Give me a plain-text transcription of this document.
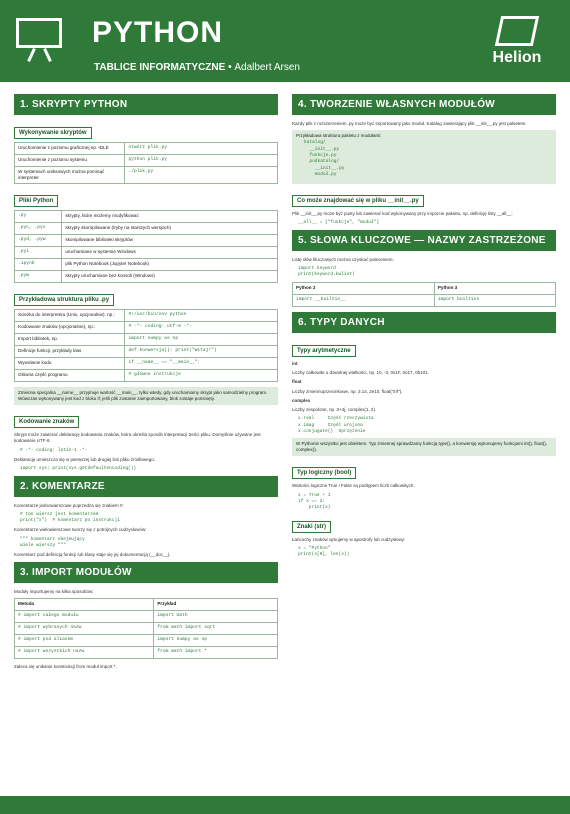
PYTHON
TABLICE INFORMATYCZNE • Adalbert Arsen
Helion
1. SKRYPTY PYTHON
Wykonywanie skryptów
Uruchomienie z poziomu graficznej np. IDLE	otwórz plik.py
Uruchomienie z poziomu systemu	python plik.py
W systemach uniksowych można pominąć interpreter	./plik.py
Pliki Python
.py	skrypty, które możemy modyfikować
.pyc, .pyo	skrypty skompilowane (tryby na starszych wersjach)
.pyd, .pyw	skompilowane biblioteki skryptów
.pyi	uruchamiane w systemie Windows
.ipynb	plik Python Notebook (Jupyter Notebook)
.pyw	skrypty uruchamiane bez konsoli (Windows)
Przykładowa struktura pliku .py
Ścieżka do interpretera (Unix, opcjonalnie), np.:	#!/usr/bin/env python
Kodowanie znaków (opcjonalnie), np.:	# -*- coding: utf-8 -*-
Import bibliotek, np.	import numpy as np
Definicje funkcji, przykłady klas	def konwersja(): print("Witaj!")
Wywołanie kodu	if __name__ == "__main__":
Główna część programu	# główne instrukcje
Zmienna specjalna __name__ przyjmuje wartość __main__, tylko wtedy, gdy uruchamiamy skrypt jako samodzielny program. Wówczas wykonywany jest kod z bloku if; jeśli plik zostanie zaimportowany, blok zostaje pominięty.
Kodowanie znaków
Skrypt może zawierać deklarację kodowania znaków, która określa sposób interpretacji treści pliku. Domyślnie używane jest kodowanie UTF-8.
# -*- coding: latin-1 -*-
Deklarację umieszcza się w pierwszej lub drugiej linii pliku źródłowego.
import sys; print(sys.getdefaultencoding())
2. KOMENTARZE
Komentarze jednowierszowe poprzedza się znakiem #:
# ten wiersz jest komentarzem
print("x")  # komentarz po instrukcji
Komentarze wielowierszowe tworzy się z potrójnych cudzysłowów:
""" komentarz obejmujący
wiele wierszy """
Komentarz pod definicją funkcji lub klasy staje się jej dokumentacją (__doc__).
3. IMPORT MODUŁÓW
Moduły importujemy na kilka sposobów:
Metoda	Przykład
# import całego modułu	import math
# import wybranych nazw	from math import sqrt
# import pod aliasem	import numpy as np
# import wszystkich nazw	from math import *
Zaleca się unikanie konstrukcji from moduł import *.
4. TWORZENIE WŁASNYCH MODUŁÓW
Każdy plik z rozszerzeniem .py może być importowany jako moduł. Katalog zawierający plik __init__.py jest pakietem.
Przykładowa struktura pakietu z modułami:
katalog/
__init__.py
funkcje.py
podkatalog/
__init__.py
moduł.py
Co może znajdować się w pliku __init__.py
Plik __init__.py może być pusty lub zawierać kod wykonywany przy imporcie pakietu, np. definicję listy __all__:
__all__ = ["funkcje", "moduł"]
5. SŁOWA KLUCZOWE — NAZWY ZASTRZEŻONE
Listę słów kluczowych można uzyskać poleceniem:
import keyword
print(keyword.kwlist)
Python 2	Python 3
import __builtin__	import builtins
6. TYPY DANYCH
Typy arytmetyczne
int
Liczby całkowite o dowolnej wielkości, np. 10, -3, 0x1F, 0o17, 0b101.
float
Liczby zmiennoprzecinkowe, np. 3.14, 2e10, float("inf").
complex
Liczby zespolone, np. 3+4j, complex(1, 2).
x.real     Część rzeczywista
x.imag     Część urojona
x.conjugate()  Sprzężenie
W Pythonie wszystko jest obiektem. Typ zmiennej sprawdzamy funkcją type(), a konwersję wykonujemy funkcjami int(), float(), complex().
Typ logiczny (bool)
Wartości logiczne True i False są podtypem liczb całkowitych.
x = True + 1
if x == 2:
print(x)
Znaki (str)
Łańcuchy znaków ujmujemy w apostrofy lub cudzysłowy:
s = "Python"
print(s[0], len(s))
